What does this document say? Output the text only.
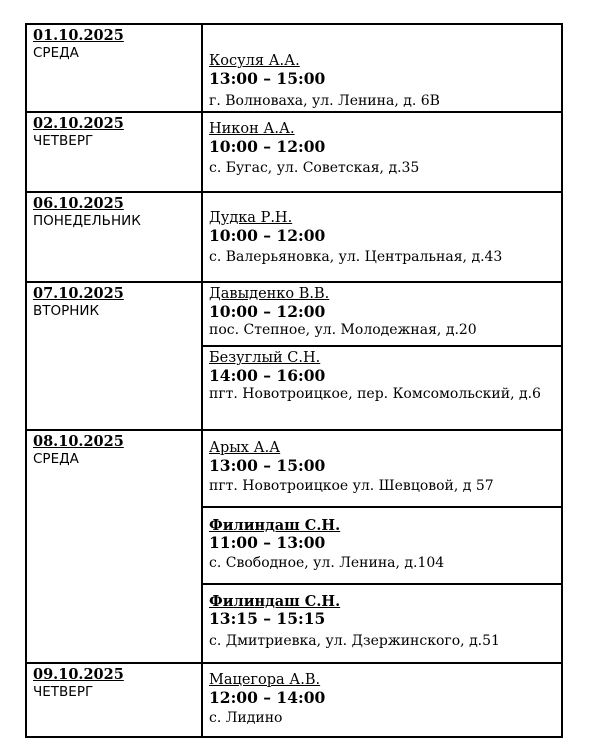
01.10.2025
СРЕДА	Косуля А.А.
13:00 – 15:00
г. Волноваха, ул. Ленина, д. 6В

02.10.2025
ЧЕТВЕРГ	Никон А.А.
10:00 – 12:00
с. Бугас, ул. Советская, д.35

06.10.2025
ПОНЕДЕЛЬНИК	Дудка Р.Н.
10:00 – 12:00
с. Валерьяновка, ул. Центральная, д.43

07.10.2025
ВТОРНИК	Давыденко В.В.
10:00 – 12:00
пос. Степное, ул. Молодежная, д.20

	Безуглый С.Н.
14:00 – 16:00
пгт. Новотроицкое, пер. Комсомольский, д.6

08.10.2025
СРЕДА	Арых А.А
13:00 – 15:00
пгт. Новотроицкое ул. Шевцовой, д 57

	Филиндаш С.Н.
11:00 – 13:00
с. Свободное, ул. Ленина, д.104

	Филиндаш С.Н.
13:15 – 15:15
с. Дмитриевка, ул. Дзержинского, д.51

09.10.2025
ЧЕТВЕРГ	Мацегора А.В.
12:00 – 14:00
с. Лидино
